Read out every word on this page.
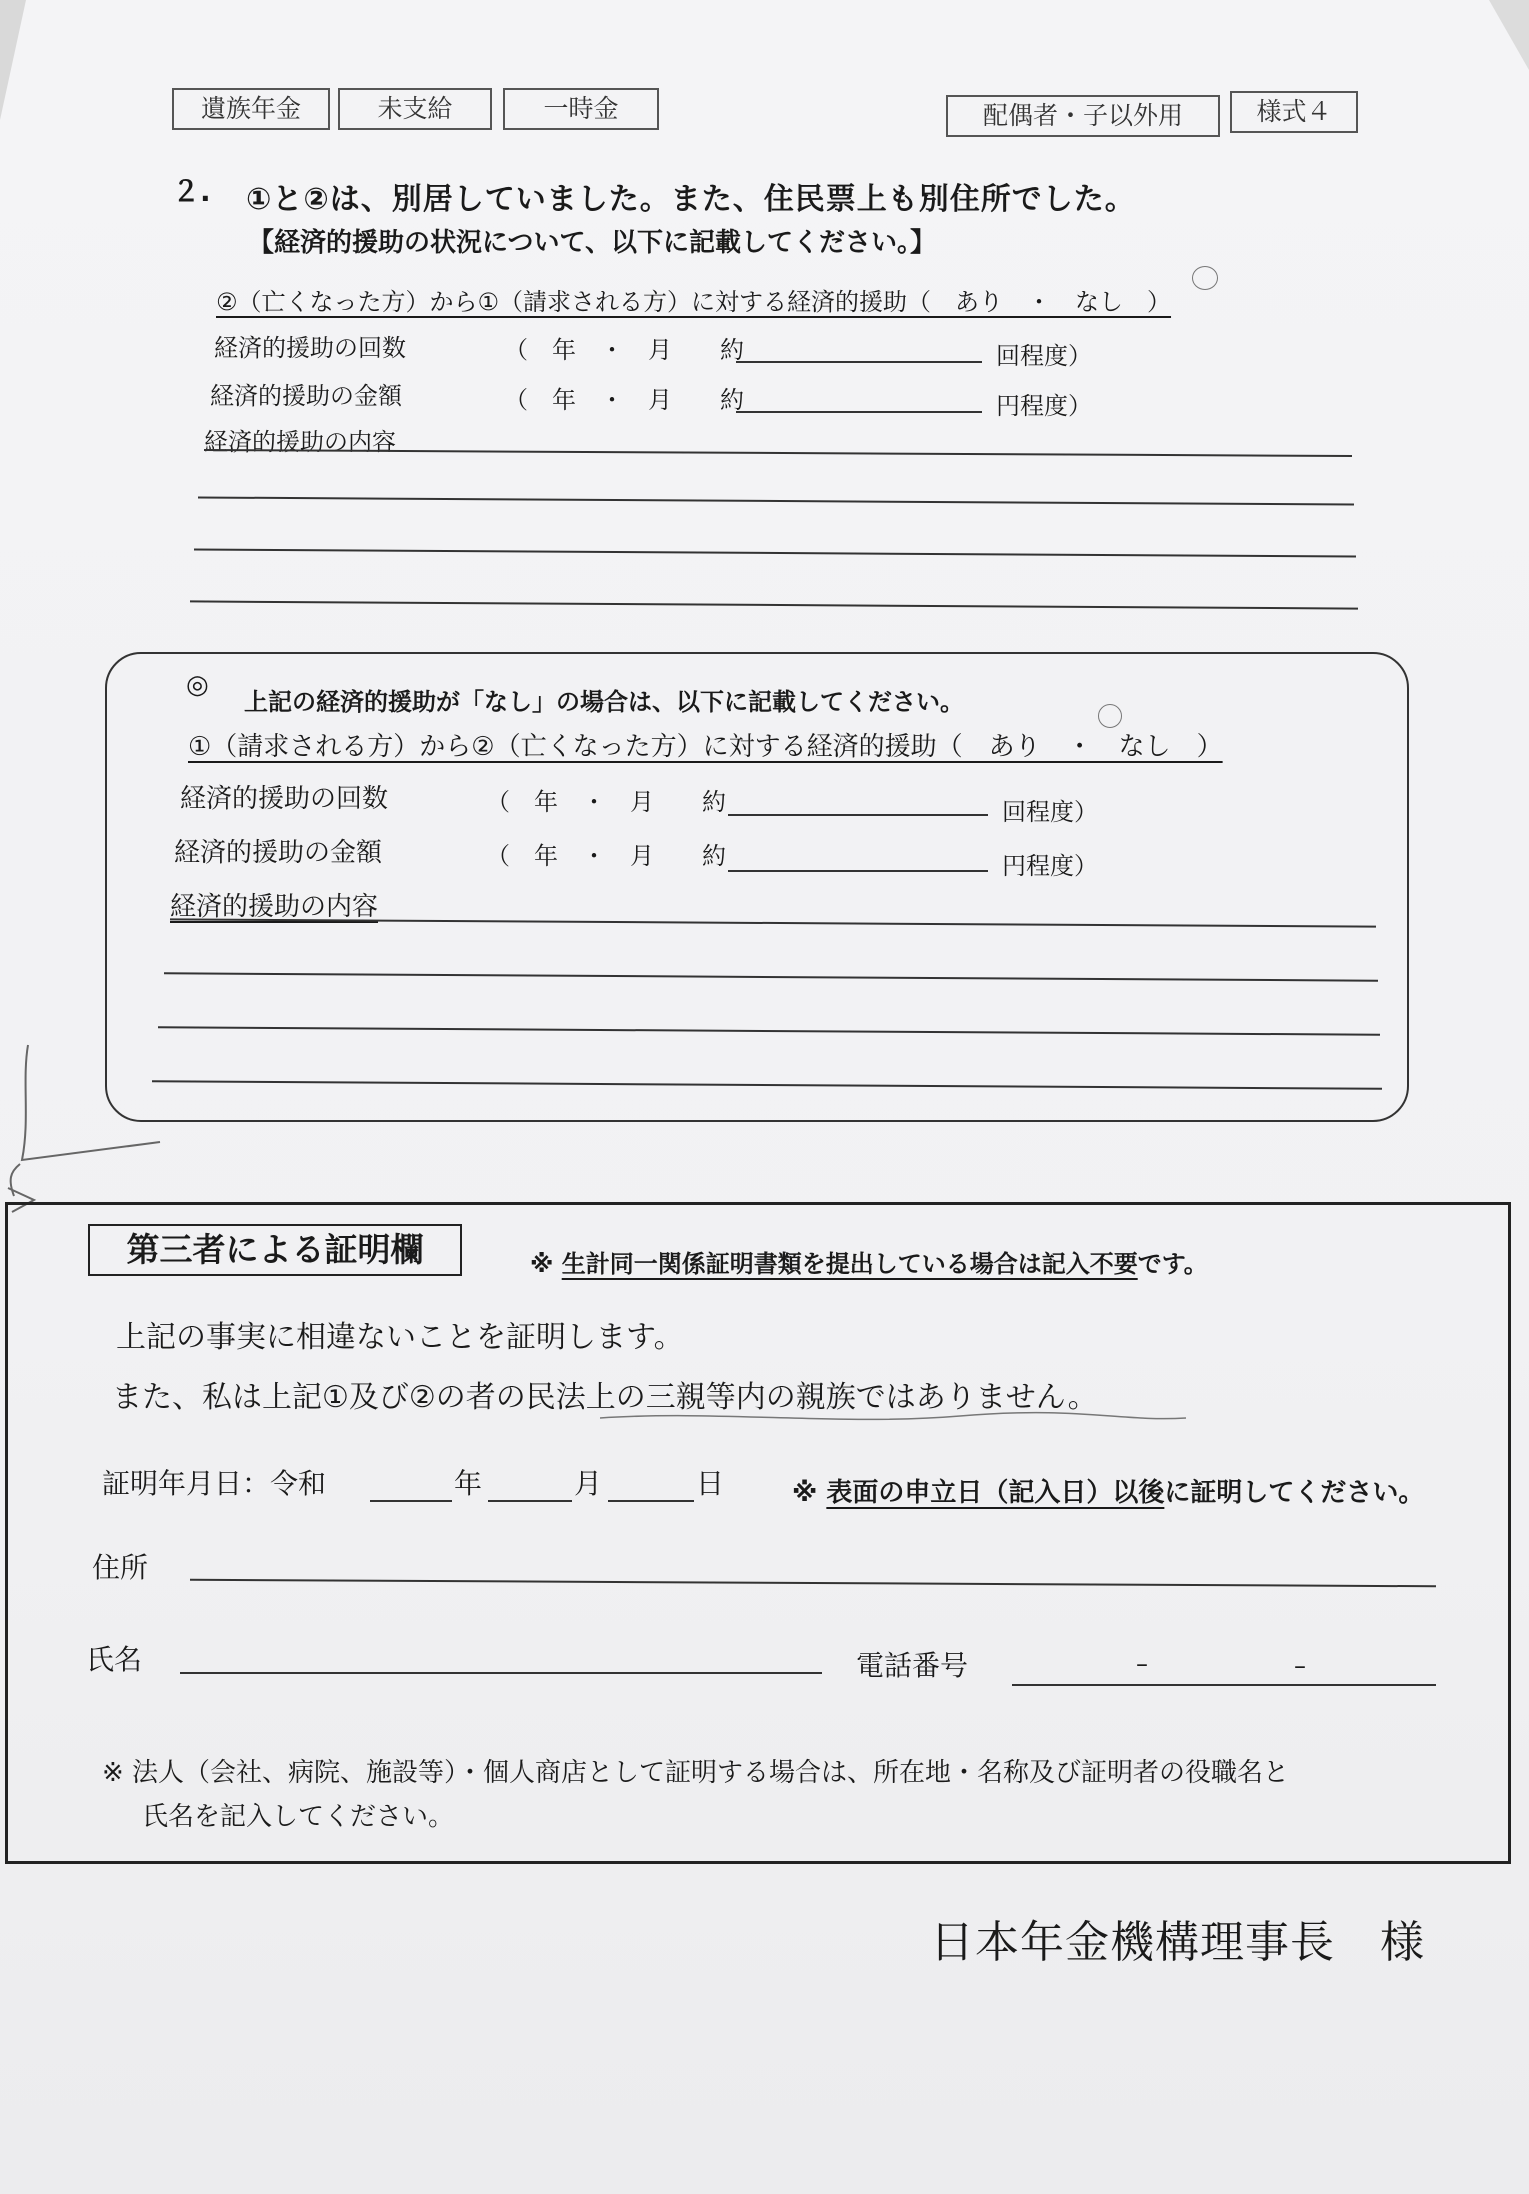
遺族年金	未支給	一時金	配偶者・子以外用	様式４
２. ①と②は、別居していました。また、住民票上も別住所でした。
【経済的援助の状況について、以下に記載してください。】
②（亡くなった方）から①（請求される方）に対する経済的援助（　あり　・　なし　）
経済的援助の回数	（　年　・　月　　約	回程度）
経済的援助の金額	（　年　・　月　　約	円程度）
経済的援助の内容
◎
上記の経済的援助が「なし」の場合は、以下に記載してください。
①（請求される方）から②（亡くなった方）に対する経済的援助（　あり　・　なし　）
経済的援助の回数	（　年　・　月　　約	回程度）
経済的援助の金額	（　年　・　月　　約	円程度）
経済的援助の内容
第三者による証明欄	※ 生計同一関係証明書類を提出している場合は記入不要です。
上記の事実に相違ないことを証明します。
また、私は上記①及び②の者の民法上の三親等内の親族ではありません。
証明年月日：令和	年	月	日	※ 表面の申立日（記入日）以後に証明してください。
住所
氏名	電話番号	–	–
※ 法人（会社、病院、施設等）・個人商店として証明する場合は、所在地・名称及び証明者の役職名と
氏名を記入してください。
日本年金機構理事長　様
